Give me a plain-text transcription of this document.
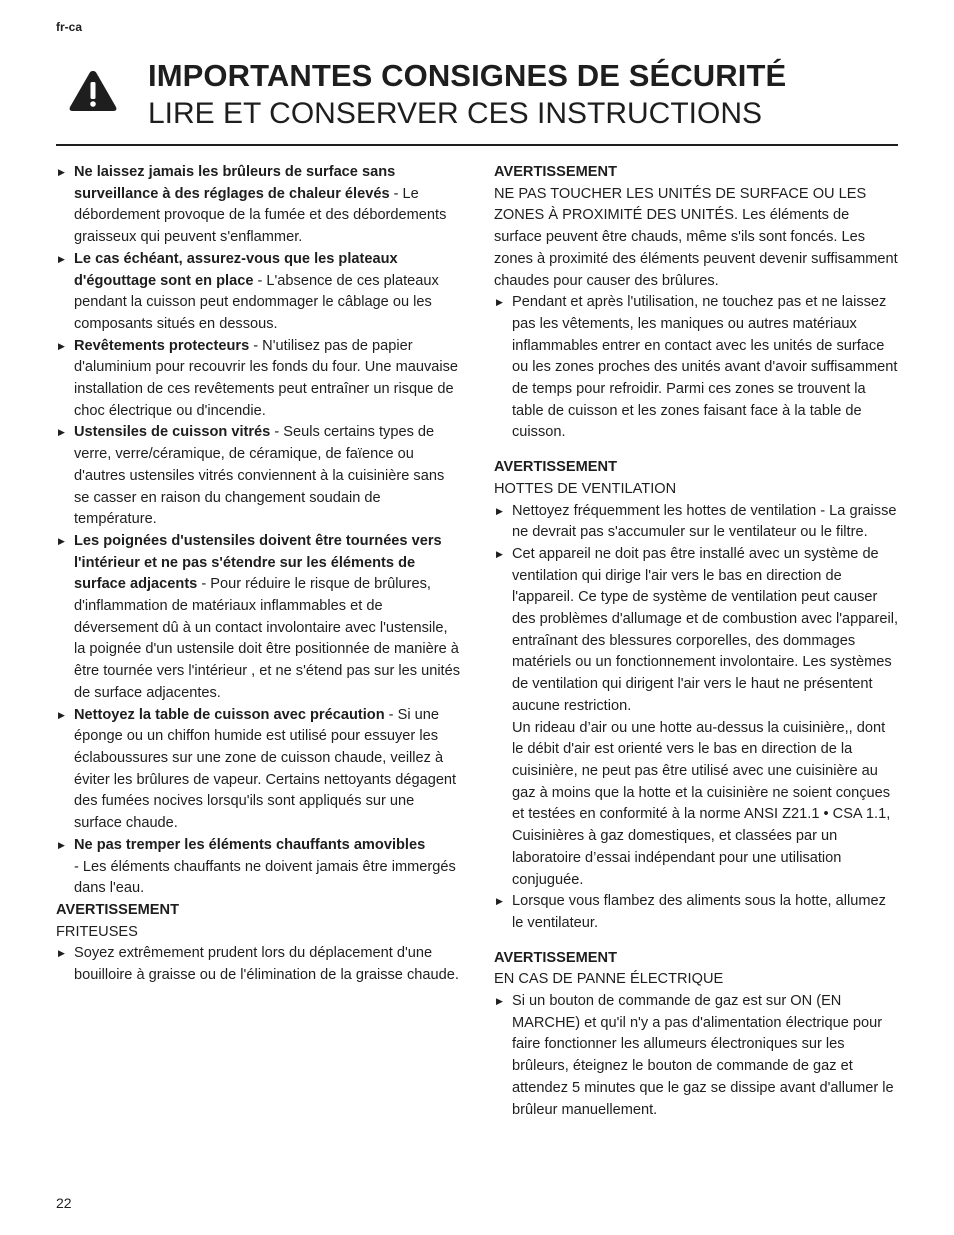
fr-ca
IMPORTANTES CONSIGNES DE SÉCURITÉ
LIRE ET CONSERVER CES INSTRUCTIONS
▶ Ne laissez jamais les brûleurs de surface sans surveillance à des réglages de chaleur élevés - Le débordement provoque de la fumée et des débordements graisseux qui peuvent s'enflammer.
▶ Le cas échéant, assurez-vous que les plateaux d'égouttage sont en place - L'absence de ces plateaux pendant la cuisson peut endommager le câblage ou les composants situés en dessous.
▶ Revêtements protecteurs - N'utilisez pas de papier d'aluminium pour recouvrir les fonds du four. Une mauvaise installation de ces revêtements peut entraîner un risque de choc électrique ou d'incendie.
▶ Ustensiles de cuisson vitrés - Seuls certains types de verre, verre/céramique, de céramique, de faïence ou d'autres ustensiles vitrés conviennent à la cuisinière sans se casser en raison du changement soudain de température.
▶ Les poignées d'ustensiles doivent être tournées vers l'intérieur et ne pas s'étendre sur les éléments de surface adjacents - Pour réduire le risque de brûlures, d'inflammation de matériaux inflammables et de déversement dû à un contact involontaire avec l'ustensile, la poignée d'un ustensile doit être positionnée de manière à être tournée vers l'intérieur , et ne s'étend pas sur les unités de surface adjacentes.
▶ Nettoyez la table de cuisson avec précaution - Si une éponge ou un chiffon humide est utilisé pour essuyer les éclaboussures sur une zone de cuisson chaude, veillez à éviter les brûlures de vapeur. Certains nettoyants dégagent des fumées nocives lorsqu'ils sont appliqués sur une surface chaude.
▶ Ne pas tremper les éléments chauffants amovibles
- Les éléments chauffants ne doivent jamais être immergés dans l'eau.
AVERTISSEMENT
FRITEUSES
▶ Soyez extrêmement prudent lors du déplacement d'une bouilloire à graisse ou de l'élimination de la graisse chaude.
AVERTISSEMENT
NE PAS TOUCHER LES UNITÉS DE SURFACE OU LES ZONES À PROXIMITÉ DES UNITÉS. Les éléments de surface peuvent être chauds, même s'ils sont foncés. Les zones à proximité des éléments peuvent devenir suffisamment chaudes pour causer des brûlures.
▶ Pendant et après l'utilisation, ne touchez pas et ne laissez pas les vêtements, les maniques ou autres matériaux inflammables entrer en contact avec les unités de surface ou les zones proches des unités avant d'avoir suffisamment de temps pour refroidir. Parmi ces zones se trouvent la table de cuisson et les zones faisant face à la table de cuisson.
AVERTISSEMENT
HOTTES DE VENTILATION
▶ Nettoyez fréquemment les hottes de ventilation - La graisse ne devrait pas s'accumuler sur le ventilateur ou le filtre.
▶ Cet appareil ne doit pas être installé avec un système de ventilation qui dirige l'air vers le bas en direction de l'appareil. Ce type de système de ventilation peut causer des problèmes d'allumage et de combustion avec l'appareil, entraînant des blessures corporelles, des dommages matériels ou un fonctionnement involontaire. Les systèmes de ventilation qui dirigent l'air vers le haut ne présentent aucune restriction.
Un rideau d’air ou une hotte au-dessus la cuisinière,, dont le débit d'air est orienté vers le bas en direction de la cuisinière, ne peut pas être utilisé avec une cuisinière au gaz à moins que la hotte et la cuisinière ne soient conçues et testées en conformité à la norme ANSI Z21.1 • CSA 1.1, Cuisinières à gaz domestiques, et classées par un laboratoire d’essai indépendant pour une utilisation conjuguée.
▶ Lorsque vous flambez des aliments sous la hotte, allumez le ventilateur.
AVERTISSEMENT
EN CAS DE PANNE ÉLECTRIQUE
▶ Si un bouton de commande de gaz est sur ON (EN MARCHE) et qu'il n'y a pas d'alimentation électrique pour faire fonctionner les allumeurs électroniques sur les brûleurs, éteignez le bouton de commande de gaz et attendez 5 minutes que le gaz se dissipe avant d'allumer le brûleur manuellement.
22
